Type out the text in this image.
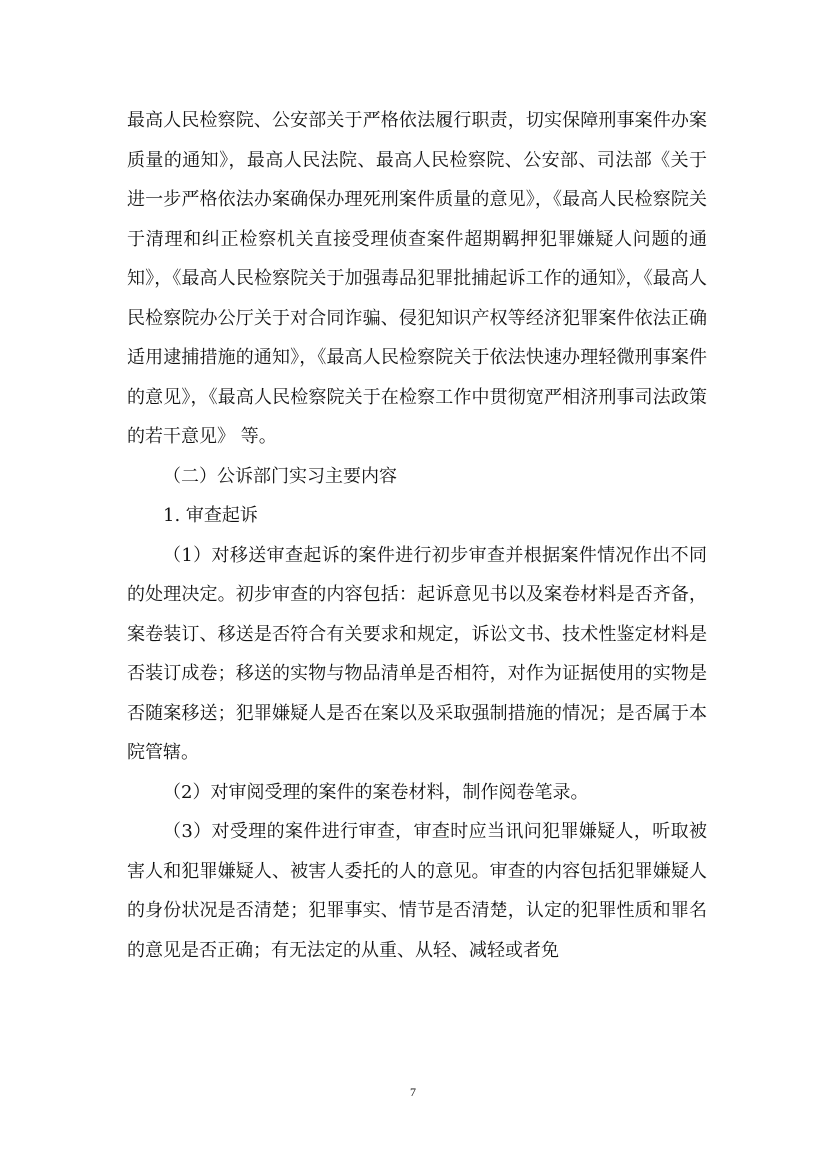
最高人民检察院、公安部关于严格依法履行职责，切实保障刑事案件办案质量的通知》，最高人民法院、最高人民检察院、公安部、司法部《关于进一步严格依法办案确保办理死刑案件质量的意见》，《最高人民检察院关于清理和纠正检察机关直接受理侦查案件超期羁押犯罪嫌疑人问题的通知》，《最高人民检察院关于加强毒品犯罪批捕起诉工作的通知》，《最高人民检察院办公厅关于对合同诈骗、侵犯知识产权等经济犯罪案件依法正确适用逮捕措施的通知》，《最高人民检察院关于依法快速办理轻微刑事案件的意见》，《最高人民检察院关于在检察工作中贯彻宽严相济刑事司法政策的若干意见》 等。

（二）公诉部门实习主要内容

1. 审查起诉

（1）对移送审查起诉的案件进行初步审查并根据案件情况作出不同的处理决定。初步审查的内容包括：起诉意见书以及案卷材料是否齐备，案卷装订、移送是否符合有关要求和规定，诉讼文书、技术性鉴定材料是否装订成卷；移送的实物与物品清单是否相符，对作为证据使用的实物是否随案移送；犯罪嫌疑人是否在案以及采取强制措施的情况；是否属于本院管辖。

（2）对审阅受理的案件的案卷材料，制作阅卷笔录。

（3）对受理的案件进行审查，审查时应当讯问犯罪嫌疑人，听取被害人和犯罪嫌疑人、被害人委托的人的意见。审查的内容包括犯罪嫌疑人的身份状况是否清楚；犯罪事实、情节是否清楚，认定的犯罪性质和罪名的意见是否正确；有无法定的从重、从轻、减轻或者免

7
